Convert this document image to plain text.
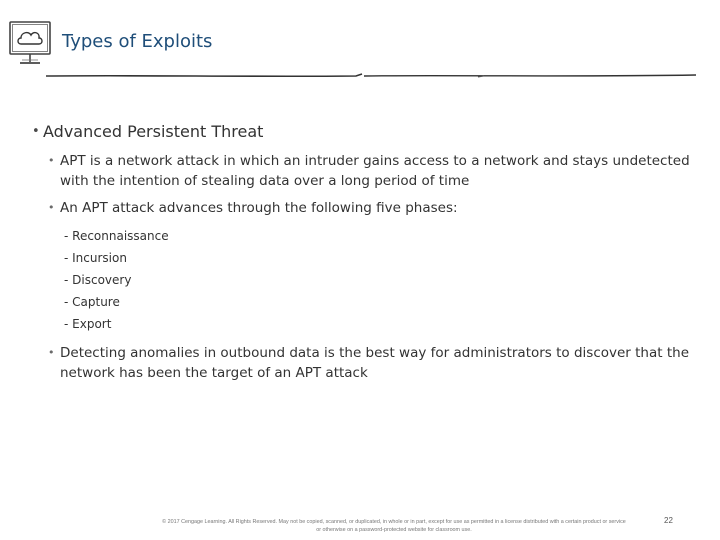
Types of Exploits
• Advanced Persistent Threat
• APT is a network attack in which an intruder gains access to a network and stays undetected with the intention of stealing data over a long period of time
• An APT attack advances through the following five phases:
- Reconnaissance
- Incursion
- Discovery
- Capture
- Export
• Detecting anomalies in outbound data is the best way for administrators to discover that the network has been the target of an APT attack
© 2017 Cengage Learning. All Rights Reserved. May not be copied, scanned, or duplicated, in whole or in part, except for use as permitted in a license distributed with a certain product or service
or otherwise on a password-protected website for classroom use.
22
